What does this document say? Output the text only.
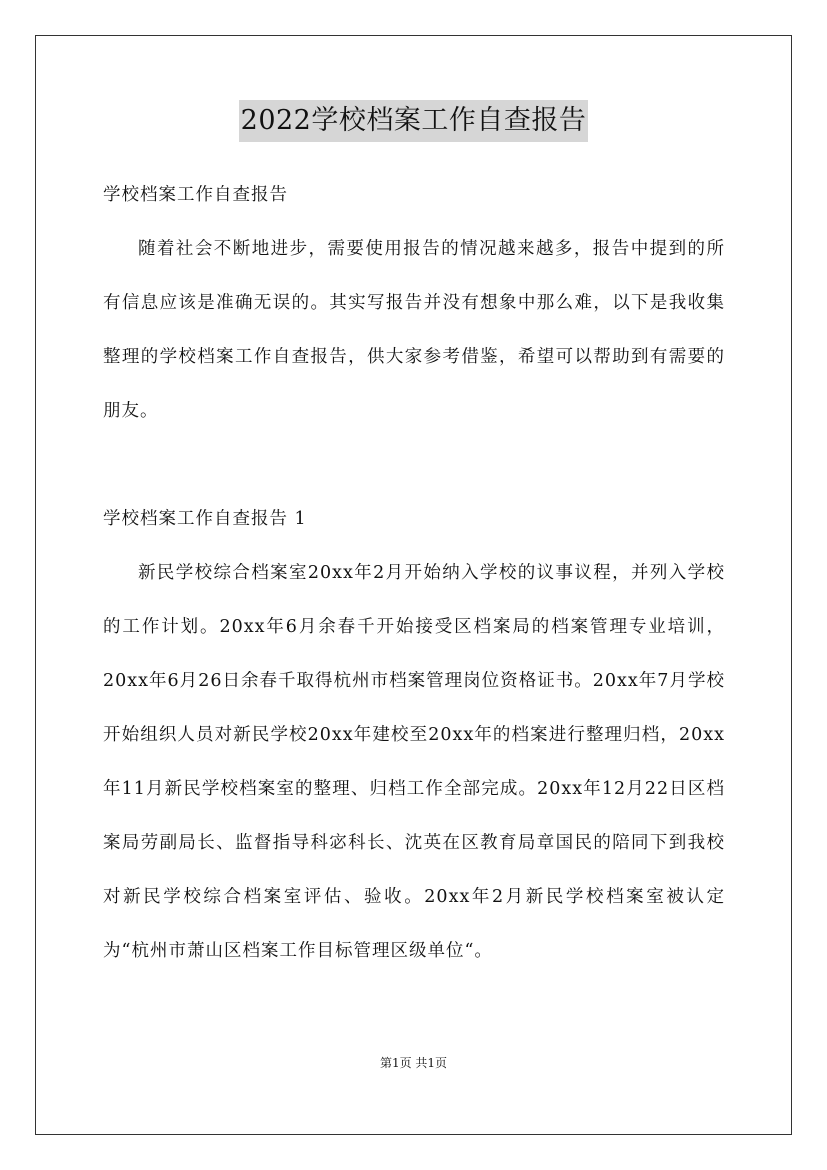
2022学校档案工作自查报告

学校档案工作自查报告

随着社会不断地进步，需要使用报告的情况越来越多，报告中提到的所有信息应该是准确无误的。其实写报告并没有想象中那么难，以下是我收集整理的学校档案工作自查报告，供大家参考借鉴，希望可以帮助到有需要的朋友。

学校档案工作自查报告 1

新民学校综合档案室20xx年2月开始纳入学校的议事议程，并列入学校的工作计划。20xx年6月余春千开始接受区档案局的档案管理专业培训，20xx年6月26日余春千取得杭州市档案管理岗位资格证书。20xx年7月学校开始组织人员对新民学校20xx年建校至20xx年的档案进行整理归档，20xx年11月新民学校档案室的整理、归档工作全部完成。20xx年12月22日区档案局劳副局长、监督指导科宓科长、沈英在区教育局章国民的陪同下到我校对新民学校综合档案室评估、验收。20xx年2月新民学校档案室被认定为“杭州市萧山区档案工作目标管理区级单位“。

第1页 共1页
